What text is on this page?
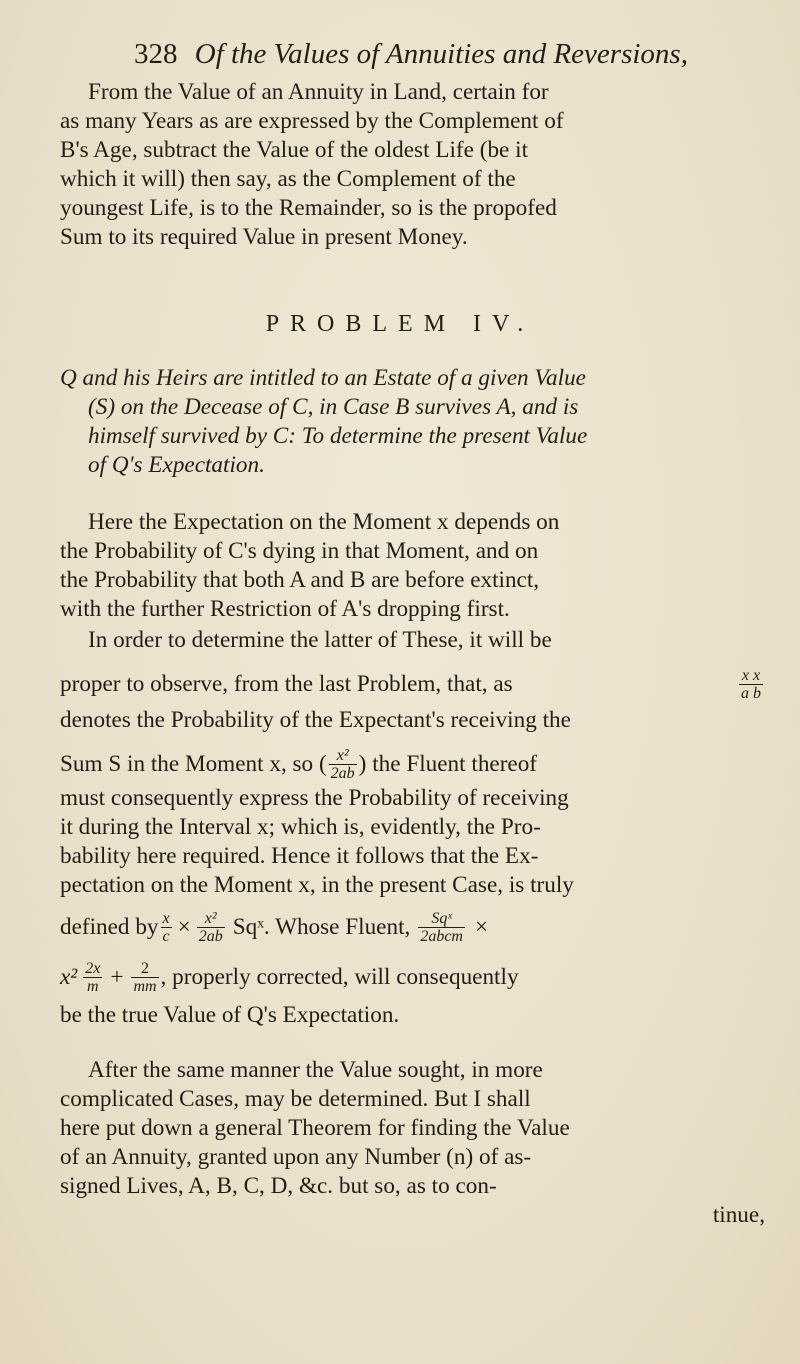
328 Of the Values of Annuities and Reversions,
From the Value of an Annuity in Land, certain for
as many Years as are expressed by the Complement of
B's Age, subtract the Value of the oldest Life (be it
which it will) then say, as the Complement of the
youngest Life, is to the Remainder, so is the propofed
Sum to its required Value in present Money.
PROBLEM IV.
Q and his Heirs are intitled to an Estate of a given Value
(S) on the Decease of C, in Case B survives A, and is
himself survived by C: To determine the present Value
of Q's Expectation.
Here the Expectation on the Moment x depends on
the Probability of C's dying in that Moment, and on
the Probability that both A and B are before extinct,
with the further Restriction of A's dropping first.
In order to determine the latter of These, it will be
proper to observe, from the last Problem, that, as	$\frac{\text{x x}}{\text{a b}}$
denotes the Probability of the Expectant's receiving the
Sum S in the Moment x, so ( $\frac{\text{x²}}{2ab}$ ) the Fluent thereof
must consequently express the Probability of receiving
it during the Interval x; which is, evidently, the Pro-
bability here required. Hence it follows that the Ex-
pectation on the Moment x, in the present Case, is truly
defined by $\frac{x}{c} \times \frac{\text{x²}}{2ab}$ Sqˣ. Whose Fluent, $\frac{\text{Sqˣ}}{\text{2abcm}}$ ×
$x^2 \frac{2x}{m} + \frac{2}{mm}$ , properly corrected, will consequently
be the true Value of Q's Expectation.
After the same manner the Value sought, in more
complicated Cases, may be determined. But I shall
here put down a general Theorem for finding the Value
of an Annuity, granted upon any Number (n) of as-
signed Lives, A, B, C, D, &c. but so, as to con-
tinue,
